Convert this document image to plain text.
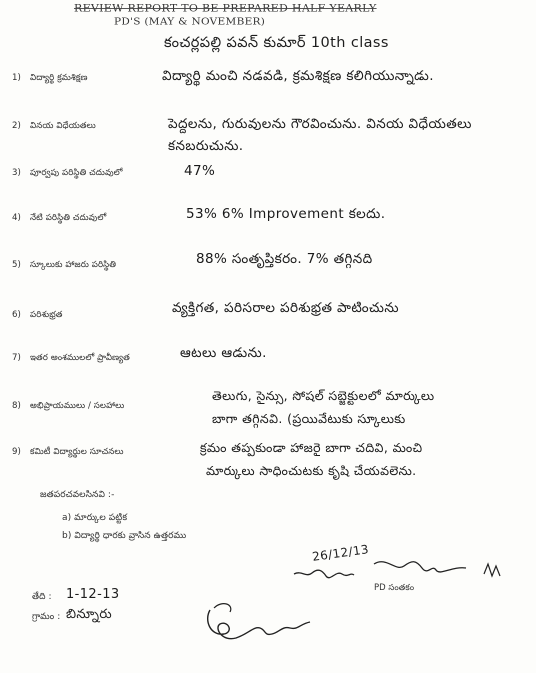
REVIEW REPORT TO BE PREPARED HALF YEARLY
PD'S (MAY & NOVEMBER)
కంచర్లపల్లి పవన్ కుమార్ 10th class
1) విద్యార్థి క్రమశిక్షణ	విద్యార్థి మంచి నడవడి, క్రమశిక్షణ కలిగియున్నాడు.
2) వినయ విధేయతలు	పెద్దలను, గురువులను గౌరవించును. వినయ విధేయతలు
కనబరుచును.
3) పూర్వపు పరిస్థితి చదువులో	47%
4) నేటి పరిస్థితి చదువులో	53% 6% Improvement కలదు.
5) స్కూలుకు హాజరు పరిస్థితి	88% సంతృప్తికరం. 7% తగ్గినది
6) పరిశుభ్రత	వ్యక్తిగత, పరిసరాల పరిశుభ్రత పాటించును
7) ఇతర అంశములలో ప్రావీణ్యత	ఆటలు ఆడును.
8) అభిప్రాయములు / సలహాలు
తెలుగు, సైన్సు, సోషల్ సబ్జెక్టులలో మార్కులు
బాగా తగ్గినవి. (ప్రయివేటుకు స్కూలుకు
9) కమిటీ విద్యార్థుల సూచనలు	క్రమం తప్పకుండా హాజరై బాగా చదివి, మంచి
మార్కులు సాధించుటకు కృషి చేయవలెను.
జతపరచవలసినవి :-
a) మార్కుల పట్టిక
b) విద్యార్థి ధారకు వ్రాసిన ఉత్తరము
తేది : 1-12-13
గ్రామం : బిన్నూరు
26/12/13
PD సంతకం
